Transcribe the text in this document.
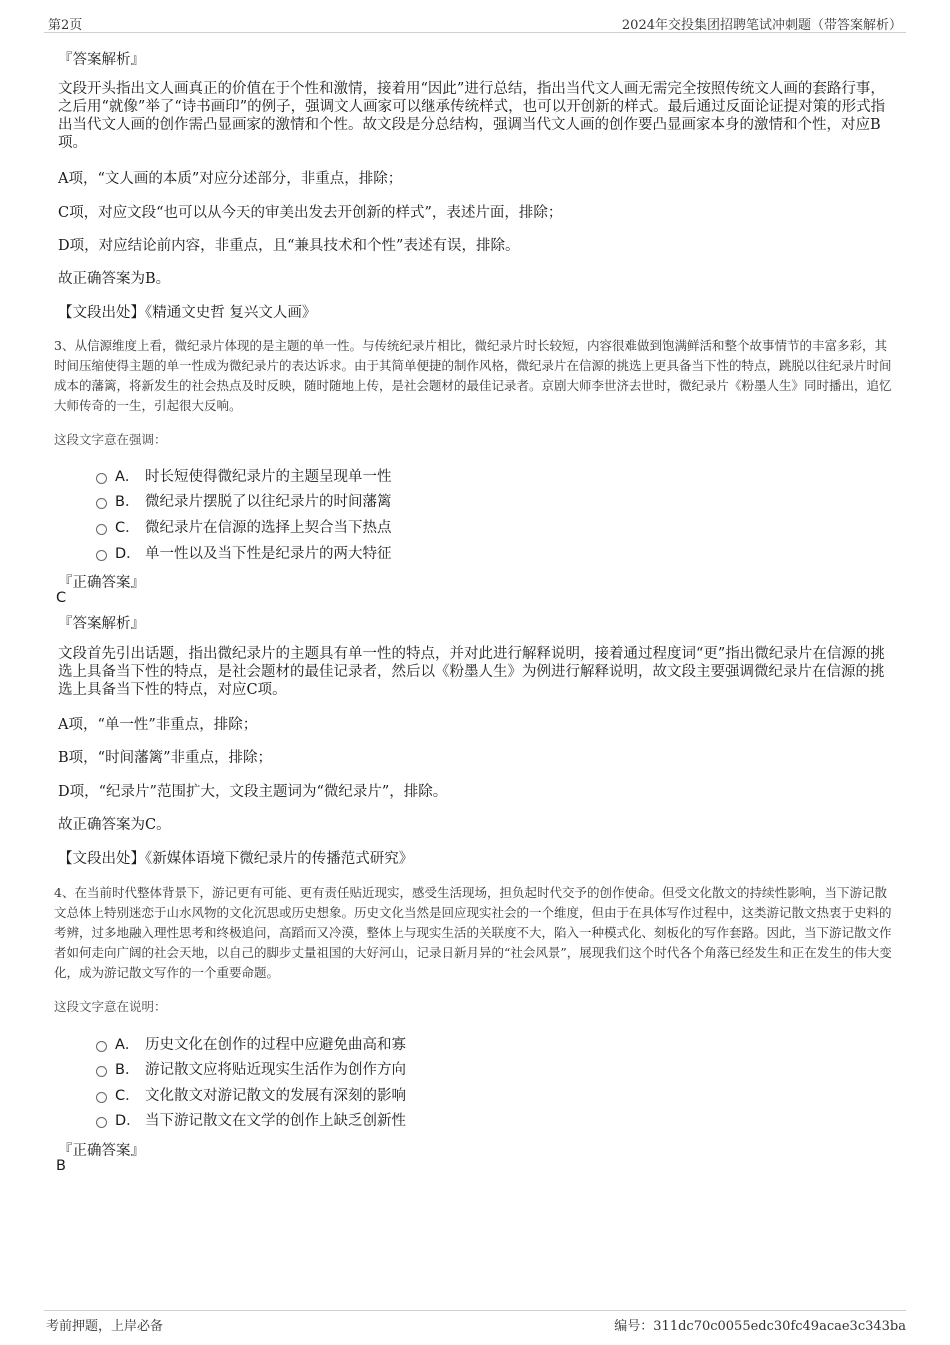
第2页	2024年交投集团招聘笔试冲刺题（带答案解析）
『答案解析』
文段开头指出文人画真正的价值在于个性和激情，接着用“因此”进行总结，指出当代文人画无需完全按照传统文人画的套路行事，之后用“就像”举了“诗书画印”的例子，强调文人画家可以继承传统样式，也可以开创新的样式。最后通过反面论证提对策的形式指出当代文人画的创作需凸显画家的激情和个性。故文段是分总结构，强调当代文人画的创作要凸显画家本身的激情和个性，对应B项。
A项，“文人画的本质”对应分述部分，非重点，排除；
C项，对应文段“也可以从今天的审美出发去开创新的样式”，表述片面，排除；
D项，对应结论前内容，非重点，且“兼具技术和个性”表述有误，排除。
故正确答案为B。
【文段出处】《精通文史哲 复兴文人画》
3、从信源维度上看，微纪录片体现的是主题的单一性。与传统纪录片相比，微纪录片时长较短，内容很难做到饱满鲜活和整个故事情节的丰富多彩，其时间压缩使得主题的单一性成为微纪录片的表达诉求。由于其简单便捷的制作风格，微纪录片在信源的挑选上更具备当下性的特点，跳脱以往纪录片时间成本的藩篱，将新发生的社会热点及时反映，随时随地上传，是社会题材的最佳记录者。京剧大师李世济去世时，微纪录片《粉墨人生》同时播出，追忆大师传奇的一生，引起很大反响。
这段文字意在强调：
A． 时长短使得微纪录片的主题呈现单一性
B． 微纪录片摆脱了以往纪录片的时间藩篱
C． 微纪录片在信源的选择上契合当下热点
D． 单一性以及当下性是纪录片的两大特征
『正确答案』
C
『答案解析』
文段首先引出话题，指出微纪录片的主题具有单一性的特点，并对此进行解释说明，接着通过程度词“更”指出微纪录片在信源的挑选上具备当下性的特点，是社会题材的最佳记录者，然后以《粉墨人生》为例进行解释说明，故文段主要强调微纪录片在信源的挑选上具备当下性的特点，对应C项。
A项，“单一性”非重点，排除；
B项，“时间藩篱”非重点，排除；
D项，“纪录片”范围扩大，文段主题词为“微纪录片”，排除。
故正确答案为C。
【文段出处】《新媒体语境下微纪录片的传播范式研究》
4、在当前时代整体背景下，游记更有可能、更有责任贴近现实，感受生活现场，担负起时代交予的创作使命。但受文化散文的持续性影响，当下游记散文总体上特别迷恋于山水风物的文化沉思或历史想象。历史文化当然是回应现实社会的一个维度，但由于在具体写作过程中，这类游记散文热衷于史料的考辨，过多地融入理性思考和终极追问，高蹈而又冷漠，整体上与现实生活的关联度不大，陷入一种模式化、刻板化的写作套路。因此，当下游记散文作者如何走向广阔的社会天地，以自己的脚步丈量祖国的大好河山，记录日新月异的“社会风景”，展现我们这个时代各个角落已经发生和正在发生的伟大变化，成为游记散文写作的一个重要命题。
这段文字意在说明：
A． 历史文化在创作的过程中应避免曲高和寡
B． 游记散文应将贴近现实生活作为创作方向
C． 文化散文对游记散文的发展有深刻的影响
D． 当下游记散文在文学的创作上缺乏创新性
『正确答案』
B
考前押题，上岸必备	编号：311dc70c0055edc30fc49acae3c343ba
